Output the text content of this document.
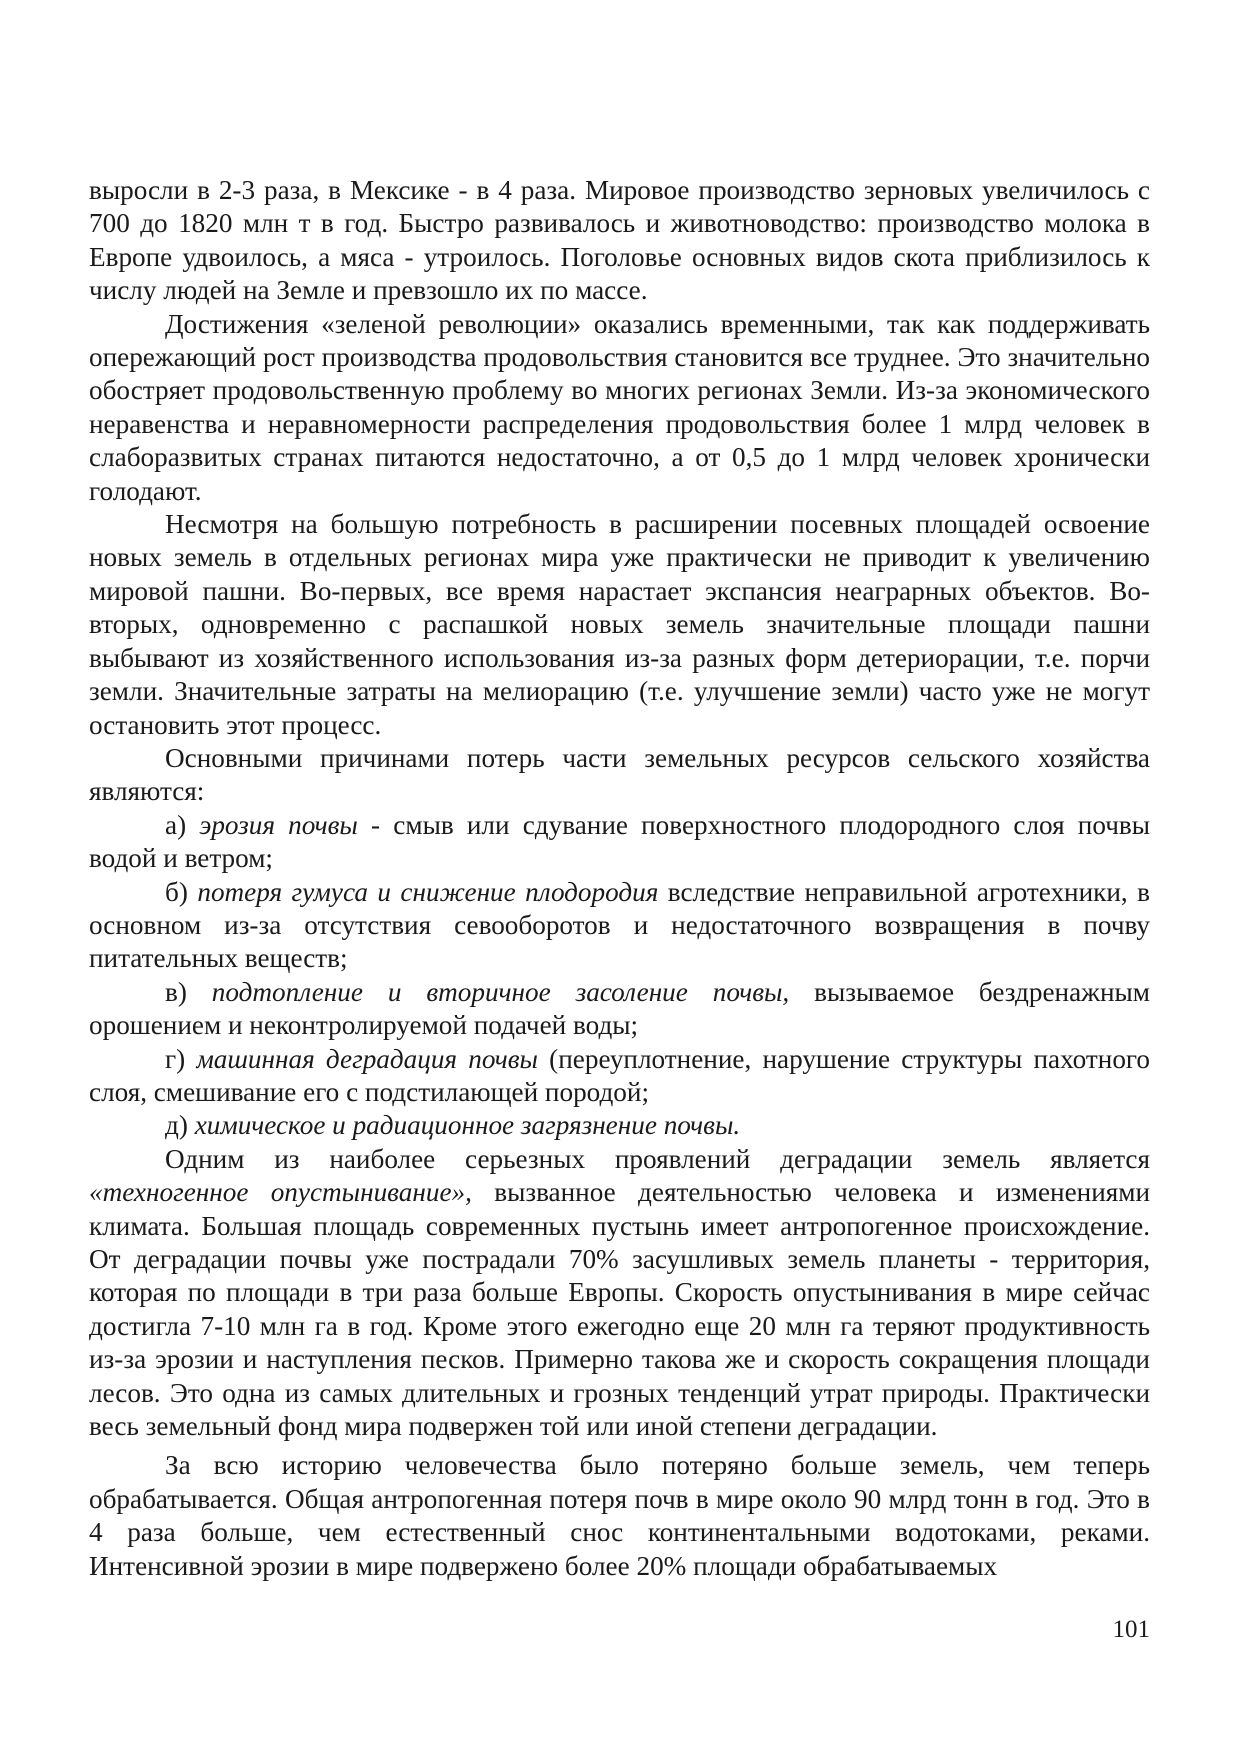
выросли в 2-3 раза, в Мексике - в 4 раза. Мировое производство зерновых увеличилось с 700 до 1820 млн т в год. Быстро развивалось и животноводство: производство молока в Европе удвоилось, а мяса - утроилось. Поголовье основных видов скота приблизилось к числу людей на Земле и превзошло их по массе.

Достижения «зеленой революции» оказались временными, так как поддерживать опережающий рост производства продовольствия становится все труднее. Это значительно обостряет продовольственную проблему во многих регионах Земли. Из-за экономического неравенства и неравномерности распределения продовольствия более 1 млрд человек в слаборазвитых странах питаются недостаточно, а от 0,5 до 1 млрд человек хронически голодают.

Несмотря на большую потребность в расширении посевных площадей освоение новых земель в отдельных регионах мира уже практически не приводит к увеличению мировой пашни. Во-первых, все время нарастает экспансия неаграрных объектов. Во-вторых, одновременно с распашкой новых земель значительные площади пашни выбывают из хозяйственного использования из-за разных форм детериорации, т.е. порчи земли. Значительные затраты на мелиорацию (т.е. улучшение земли) часто уже не могут остановить этот процесс.

Основными причинами потерь части земельных ресурсов сельского хозяйства являются:

а) эрозия почвы - смыв или сдувание поверхностного плодородного слоя почвы водой и ветром;

б) потеря гумуса и снижение плодородия вследствие неправильной агротехники, в основном из-за отсутствия севооборотов и недостаточного возвращения в почву питательных веществ;

в) подтопление и вторичное засоление почвы, вызываемое бездренажным орошением и неконтролируемой подачей воды;

г) машинная деградация почвы (переуплотнение, нарушение структуры пахотного слоя, смешивание его с подстилающей породой;

д) химическое и радиационное загрязнение почвы.

Одним из наиболее серьезных проявлений деградации земель является «техногенное опустынивание», вызванное деятельностью человека и изменениями климата. Большая площадь современных пустынь имеет антропогенное происхождение. От деградации почвы уже пострадали 70% засушливых земель планеты - территория, которая по площади в три раза больше Европы. Скорость опустынивания в мире сейчас достигла 7-10 млн га в год. Кроме этого ежегодно еще 20 млн га теряют продуктивность из-за эрозии и наступления песков. Примерно такова же и скорость сокращения площади лесов. Это одна из самых длительных и грозных тенденций утрат природы. Практически весь земельный фонд мира подвержен той или иной степени деградации.

За всю историю человечества было потеряно больше земель, чем теперь обрабатывается. Общая антропогенная потеря почв в мире около 90 млрд тонн в год. Это в 4 раза больше, чем естественный снос континентальными водотоками, реками. Интенсивной эрозии в мире подвержено более 20% площади обрабатываемых

101
